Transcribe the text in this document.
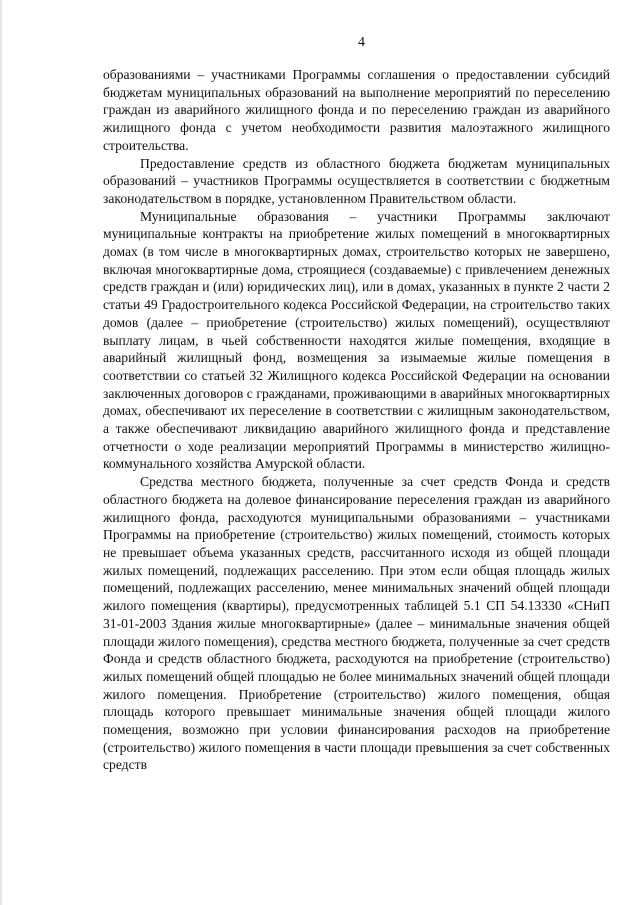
4

образованиями – участниками Программы соглашения о предоставлении субсидий бюджетам муниципальных образований на выполнение мероприятий по переселению граждан из аварийного жилищного фонда и по переселению граждан из аварийного жилищного фонда с учетом необходимости развития малоэтажного жилищного строительства.

Предоставление средств из областного бюджета бюджетам муниципальных образований – участников Программы осуществляется в соответствии с бюджетным законодательством в порядке, установленном Правительством области.

Муниципальные образования – участники Программы заключают муниципальные контракты на приобретение жилых помещений в многоквартирных домах (в том числе в многоквартирных домах, строительство которых не завершено, включая многоквартирные дома, строящиеся (создаваемые) с привлечением денежных средств граждан и (или) юридических лиц), или в домах, указанных в пункте 2 части 2 статьи 49 Градостроительного кодекса Российской Федерации, на строительство таких домов (далее – приобретение (строительство) жилых помещений), осуществляют выплату лицам, в чьей собственности находятся жилые помещения, входящие в аварийный жилищный фонд, возмещения за изымаемые жилые помещения в соответствии со статьей 32 Жилищного кодекса Российской Федерации на основании заключенных договоров с гражданами, проживающими в аварийных многоквартирных домах, обеспечивают их переселение в соответствии с жилищным законодательством, а также обеспечивают ликвидацию аварийного жилищного фонда и представление отчетности о ходе реализации мероприятий Программы в министерство жилищно-коммунального хозяйства Амурской области.

Средства местного бюджета, полученные за счет средств Фонда и средств областного бюджета на долевое финансирование переселения граждан из аварийного жилищного фонда, расходуются муниципальными образованиями – участниками Программы на приобретение (строительство) жилых помещений, стоимость которых не превышает объема указанных средств, рассчитанного исходя из общей площади жилых помещений, подлежащих расселению. При этом если общая площадь жилых помещений, подлежащих расселению, менее минимальных значений общей площади жилого помещения (квартиры), предусмотренных таблицей 5.1 СП 54.13330 «СНиП 31-01-2003 Здания жилые многоквартирные» (далее – минимальные значения общей площади жилого помещения), средства местного бюджета, полученные за счет средств Фонда и средств областного бюджета, расходуются на приобретение (строительство) жилых помещений общей площадью не более минимальных значений общей площади жилого помещения. Приобретение (строительство) жилого помещения, общая площадь которого превышает минимальные значения общей площади жилого помещения, возможно при условии финансирования расходов на приобретение (строительство) жилого помещения в части площади превышения за счет собственных средств
